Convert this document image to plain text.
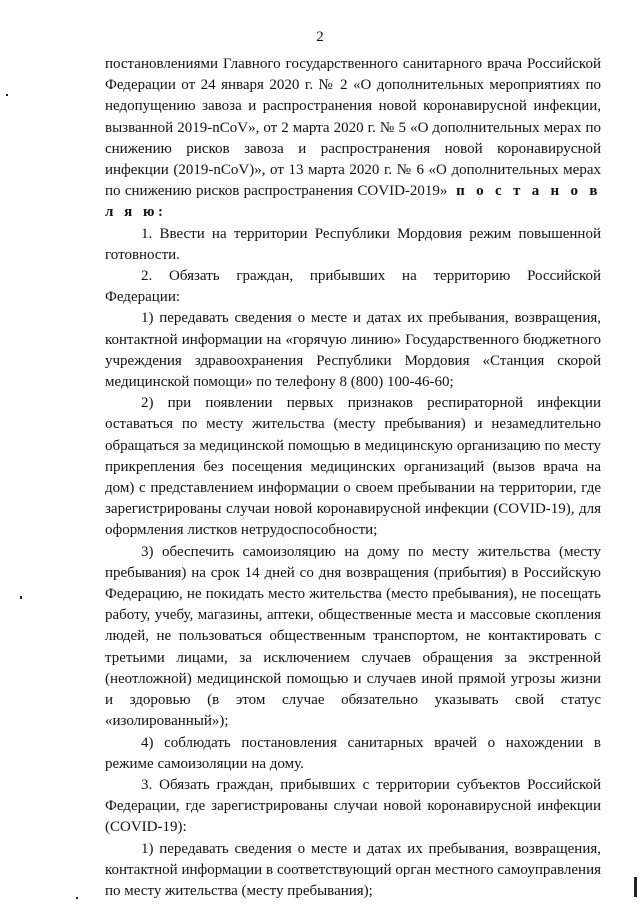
2

постановлениями Главного государственного санитарного врача Российской Федерации от 24 января 2020 г. № 2 «О дополнительных мероприятиях по недопущению завоза и распространения новой коронавирусной инфекции, вызванной 2019-nCoV», от 2 марта 2020 г. № 5 «О дополнительных мерах по снижению рисков завоза и распространения новой коронавирусной инфекции (2019-nCoV)», от 13 марта 2020 г. № 6 «О дополнительных мерах по снижению рисков распространения COVID-2019» п о с т а н о в л я ю:

1. Ввести на территории Республики Мордовия режим повышенной готовности.

2. Обязать граждан, прибывших на территорию Российской Федерации:

1) передавать сведения о месте и датах их пребывания, возвращения, контактной информации на «горячую линию» Государственного бюджетного учреждения здравоохранения Республики Мордовия «Станция скорой медицинской помощи» по телефону 8 (800) 100-46-60;

2) при появлении первых признаков респираторной инфекции оставаться по месту жительства (месту пребывания) и незамедлительно обращаться за медицинской помощью в медицинскую организацию по месту прикрепления без посещения медицинских организаций (вызов врача на дом) с представлением информации о своем пребывании на территории, где зарегистрированы случаи новой коронавирусной инфекции (COVID-19), для оформления листков нетрудоспособности;

3) обеспечить самоизоляцию на дому по месту жительства (месту пребывания) на срок 14 дней со дня возвращения (прибытия) в Российскую Федерацию, не покидать место жительства (место пребывания), не посещать работу, учебу, магазины, аптеки, общественные места и массовые скопления людей, не пользоваться общественным транспортом, не контактировать с третьими лицами, за исключением случаев обращения за экстренной (неотложной) медицинской помощью и случаев иной прямой угрозы жизни и здоровью (в этом случае обязательно указывать свой статус «изолированный»);

4) соблюдать постановления санитарных врачей о нахождении в режиме самоизоляции на дому.

3. Обязать граждан, прибывших с территории субъектов Российской Федерации, где зарегистрированы случаи новой коронавирусной инфекции (COVID-19):

1) передавать сведения о месте и датах их пребывания, возвращения, контактной информации в соответствующий орган местного самоуправления по месту жительства (месту пребывания);
